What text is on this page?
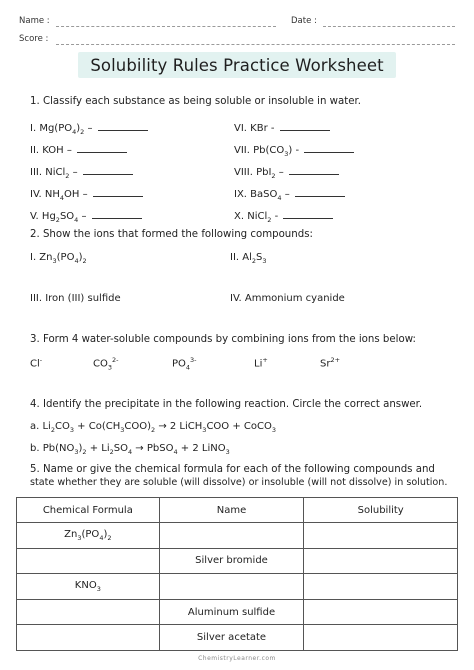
Name :	Date :
Score :
Solubility Rules Practice Worksheet
1. Classify each substance as being soluble or insoluble in water.
I. $Mg(PO_4)_2$ –
II. KOH –
III. NiCl$_2$ –
IV. $NH_4OH$ –
V. $Hg_2SO_4$ –
VI. KBr -
VII. $Pb(CO_3)$ -
VIII. PbI$_2$ –
IX. BaSO$_4$ –
X. NiCl$_2$ -
2. Show the ions that formed the following compounds:
I. $Zn_3(PO_4)_2$	II. $Al_2S_3$
III. Iron (III) sulfide	IV. Ammonium cyanide
3. Form 4 water-soluble compounds by combining ions from the ions below:
Cl-	$CO_3^{2-}$	$PO_4^{3-}$	Li+	$Sr^{2+}$
4. Identify the precipitate in the following reaction. Circle the correct answer.
a. $Li_2CO_3 + Co(CH_3COO)_2 \to 2$ LiCH$_3$COO + CoCO$_3$
b. $Pb(NO_3)_2 + Li_2SO_4$ → PbSO$_4$ + 2 LiNO$_3$
5. Name or give the chemical formula for each of the following compounds and
state whether they are soluble (will dissolve) or insoluble (will not dissolve) in solution.
Chemical Formula	Name	Solubility
$Zn_3(PO_4)_2$		
	Silver bromide	
$KNO_3$		
	Aluminum sulfide	
	Silver acetate	
ChemistryLearner.com
